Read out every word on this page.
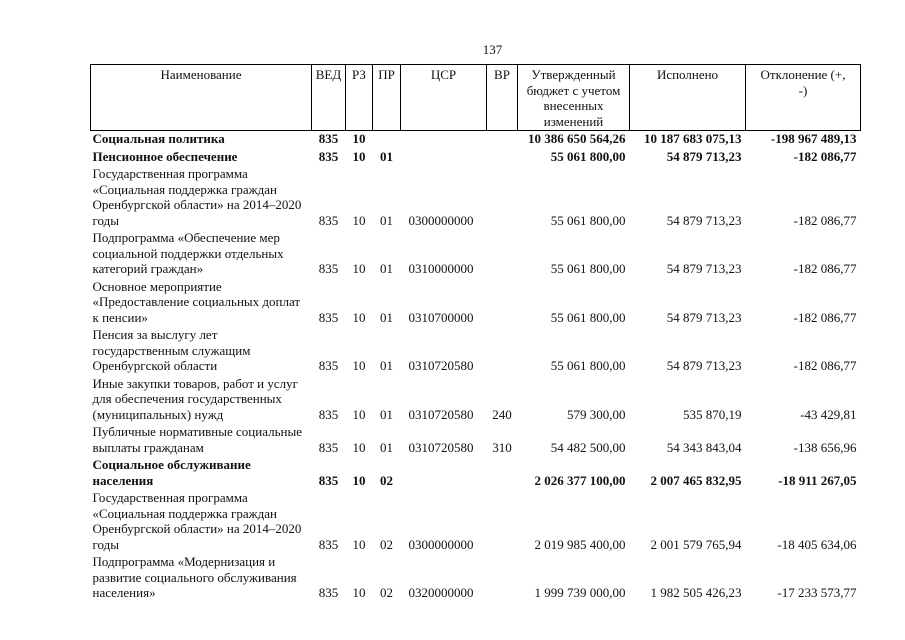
137
Наименование	ВЕД	РЗ	ПР	ЦСР	ВР	Утвержденный бюджет с учетом внесенных изменений	Исполнено	Отклонение (+, -)
Социальная политика	835	10				10 386 650 564,26	10 187 683 075,13	-198 967 489,13
Пенсионное обеспечение	835	10	01			55 061 800,00	54 879 713,23	-182 086,77
Государственная программа «Социальная поддержка граждан Оренбургской области» на 2014–2020 годы	835	10	01	0300000000		55 061 800,00	54 879 713,23	-182 086,77
Подпрограмма «Обеспечение мер социальной поддержки отдельных категорий граждан»	835	10	01	0310000000		55 061 800,00	54 879 713,23	-182 086,77
Основное мероприятие «Предоставление социальных доплат к пенсии»	835	10	01	0310700000		55 061 800,00	54 879 713,23	-182 086,77
Пенсия за выслугу лет государственным служащим Оренбургской области	835	10	01	0310720580		55 061 800,00	54 879 713,23	-182 086,77
Иные закупки товаров, работ и услуг для обеспечения государственных (муниципальных) нужд	835	10	01	0310720580	240	579 300,00	535 870,19	-43 429,81
Публичные нормативные социальные выплаты гражданам	835	10	01	0310720580	310	54 482 500,00	54 343 843,04	-138 656,96
Социальное обслуживание населения	835	10	02			2 026 377 100,00	2 007 465 832,95	-18 911 267,05
Государственная программа «Социальная поддержка граждан Оренбургской области» на 2014–2020 годы	835	10	02	0300000000		2 019 985 400,00	2 001 579 765,94	-18 405 634,06
Подпрограмма «Модернизация и развитие социального обслуживания населения»	835	10	02	0320000000		1 999 739 000,00	1 982 505 426,23	-17 233 573,77
